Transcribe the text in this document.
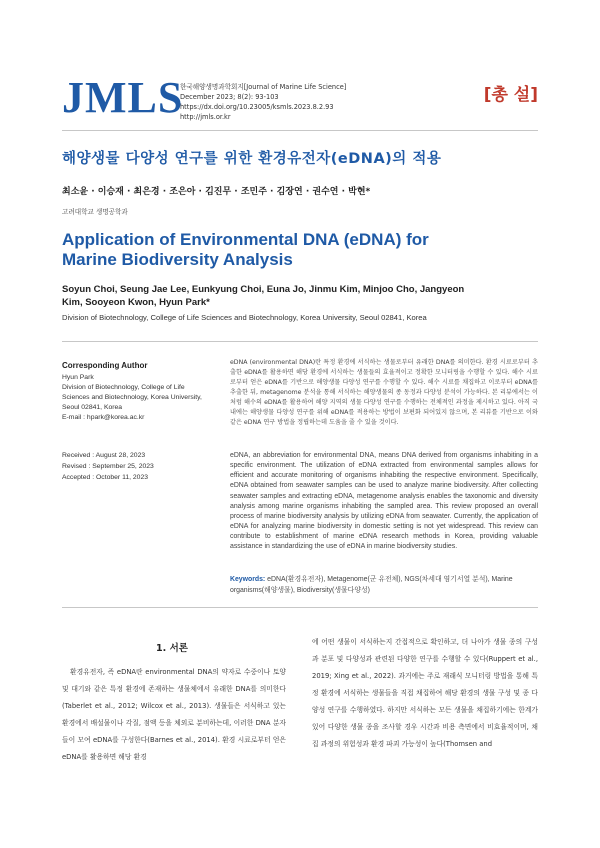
JMLS
한국해양생명과학회지[Journal of Marine Life Science]
December 2023; 8(2): 93-103
https://dx.doi.org/10.23005/ksmls.2023.8.2.93
http://jmls.or.kr
[총 설]
해양생물 다양성 연구를 위한 환경유전자(eDNA)의 적용
최소윤 · 이승재 · 최은경 · 조은아 · 김진무 · 조민주 · 김장연 · 권수연 · 박현*
고려대학교 생명공학과
Application of Environmental DNA (eDNA) for Marine Biodiversity Analysis
Soyun Choi, Seung Jae Lee, Eunkyung Choi, Euna Jo, Jinmu Kim, Minjoo Cho, Jangyeon Kim, Sooyeon Kwon, Hyun Park*
Division of Biotechnology, College of Life Sciences and Biotechnology, Korea University, Seoul 02841, Korea
Corresponding Author
Hyun Park
Division of Biotechnology, College of Life Sciences and Biotechnology, Korea University, Seoul 02841, Korea
E-mail : hpark@korea.ac.kr
Received : August 28, 2023
Revised : September 25, 2023
Accepted : October 11, 2023
eDNA (environmental DNA)란 특정 환경에 서식하는 생물로부터 유래한 DNA를 의미한다. 환경 시료로부터 추출한 eDNA를 활용하면 해당 환경에 서식하는 생물들의 효율적이고 정확한 모니터링을 수행할 수 있다. 해수 시료로부터 얻은 eDNA를 기반으로 해양생물 다양성 연구를 수행할 수 있다. 해수 시료를 채집하고 이로부터 eDNA를 추출한 뒤, metagenome 분석을 통해 서식하는 해양생물의 종 동정과 다양성 분석이 가능하다. 본 리뷰에서는 이처럼 해수의 eDNA를 활용하여 해양 지역의 생물 다양성 연구를 수행하는 전체적인 과정을 제시하고 있다. 아직 국내에는 해양생물 다양성 연구를 위해 eDNA를 적용하는 방법이 보편화 되어있지 않으며, 본 리뷰를 기반으로 이와 같은 eDNA 연구 방법을 정립하는데 도움을 줄 수 있을 것이다.
eDNA, an abbreviation for environmental DNA, means DNA derived from organisms inhabiting in a specific environment. The utilization of eDNA extracted from environmental samples allows for efficient and accurate monitoring of organisms inhabiting the respective environment. Specifically, eDNA obtained from seawater samples can be used to analyze marine biodiversity. After collecting seawater samples and extracting eDNA, metagenome analysis enables the taxonomic and diversity analysis among marine organisms inhabiting the sampled area. This review proposed an overall process of marine biodiversity analysis by utilizing eDNA from seawater. Currently, the application of eDNA for analyzing marine biodiversity in domestic setting is not yet widespread. This review can contribute to establishment of marine eDNA research methods in Korea, providing valuable assistance in standardizing the use of eDNA in marine biodiversity studies.
Keywords: eDNA(환경유전자), Metagenome(군 유전체), NGS(차세대 염기서열 분석), Marine organisms(해양생물), Biodiversity(생물다양성)
1. 서론
환경유전자, 즉 eDNA란 environmental DNA의 약자로 수중이나 토양 및 대기와 같은 특정 환경에 존재하는 생물체에서 유래한 DNA를 의미한다(Taberlet et al., 2012; Wilcox et al., 2013). 생물들은 서식하고 있는 환경에서 배설물이나 각질, 점액 등을 체외로 분비하는데, 이러한 DNA 분자들이 모여 eDNA를 구성한다(Barnes et al., 2014). 환경 시료로부터 얻은 eDNA를 활용하면 해당 환경
에 어떤 생물이 서식하는지 간접적으로 확인하고, 더 나아가 생물 종의 구성과 분포 및 다양성과 관련된 다양한 연구를 수행할 수 있다(Ruppert et al., 2019; Xing et al., 2022). 과거에는 주로 재래식 모니터링 방법을 통해 특정 환경에 서식하는 생물들을 직접 채집하여 해당 환경의 생물 구성 및 종 다양성 연구를 수행하였다. 하지만 서식하는 모든 생물을 채집하기에는 한계가 있어 다양한 생물 종을 조사할 경우 시간과 비용 측면에서 비효율적이며, 채집 과정의 위험성과 환경 파괴 가능성이 높다(Thomsen and
